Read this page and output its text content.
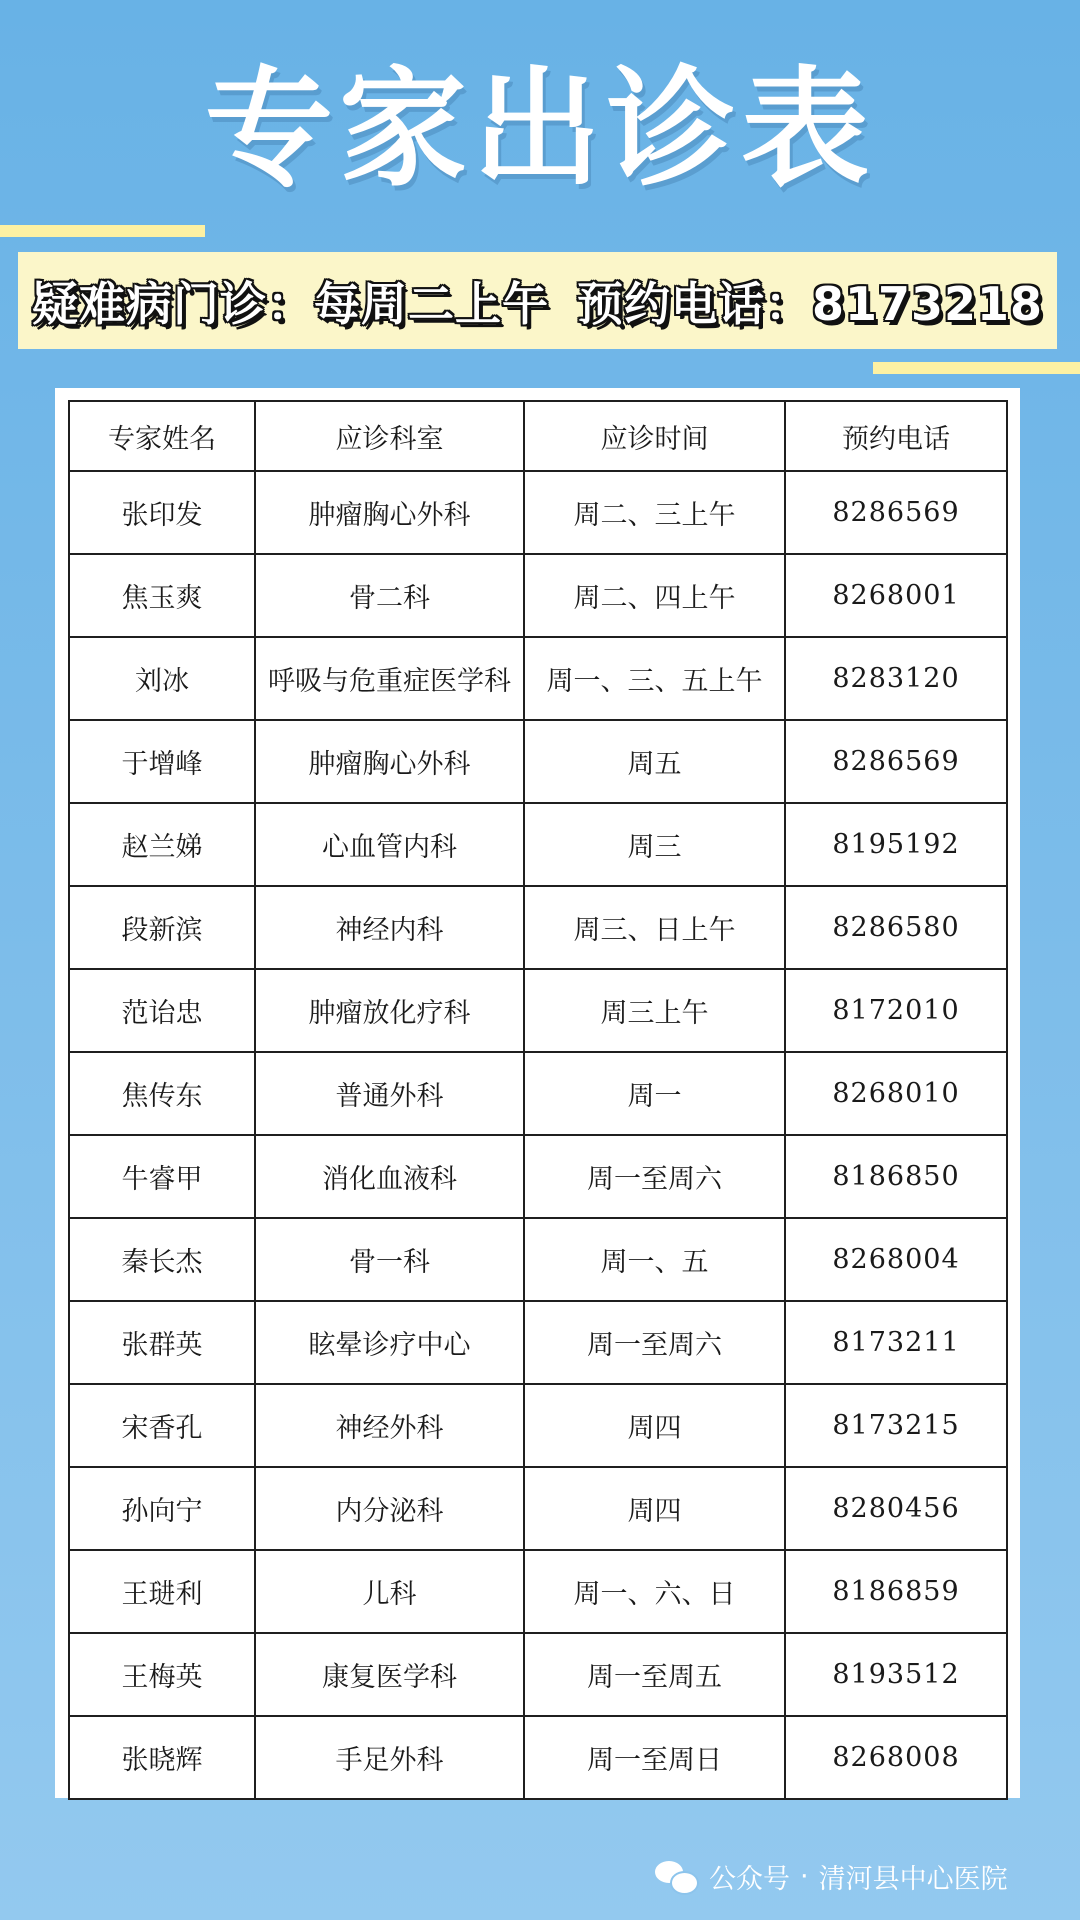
专家出诊表
疑难病门诊：每周二上午 预约电话：8173218
专家姓名	应诊科室	应诊时间	预约电话
张印发	肿瘤胸心外科	周二、三上午	8286569
焦玉爽	骨二科	周二、四上午	8268001
刘冰	呼吸与危重症医学科	周一、三、五上午	8283120
于增峰	肿瘤胸心外科	周五	8286569
赵兰娣	心血管内科	周三	8195192
段新滨	神经内科	周三、日上午	8286580
范诒忠	肿瘤放化疗科	周三上午	8172010
焦传东	普通外科	周一	8268010
牛睿甲	消化血液科	周一至周六	8186850
秦长杰	骨一科	周一、五	8268004
张群英	眩晕诊疗中心	周一至周六	8173211
宋香孔	神经外科	周四	8173215
孙向宁	内分泌科	周四	8280456
王琎利	儿科	周一、六、日	8186859
王梅英	康复医学科	周一至周五	8193512
张晓辉	手足外科	周一至周日	8268008
公众号 · 清河县中心医院
